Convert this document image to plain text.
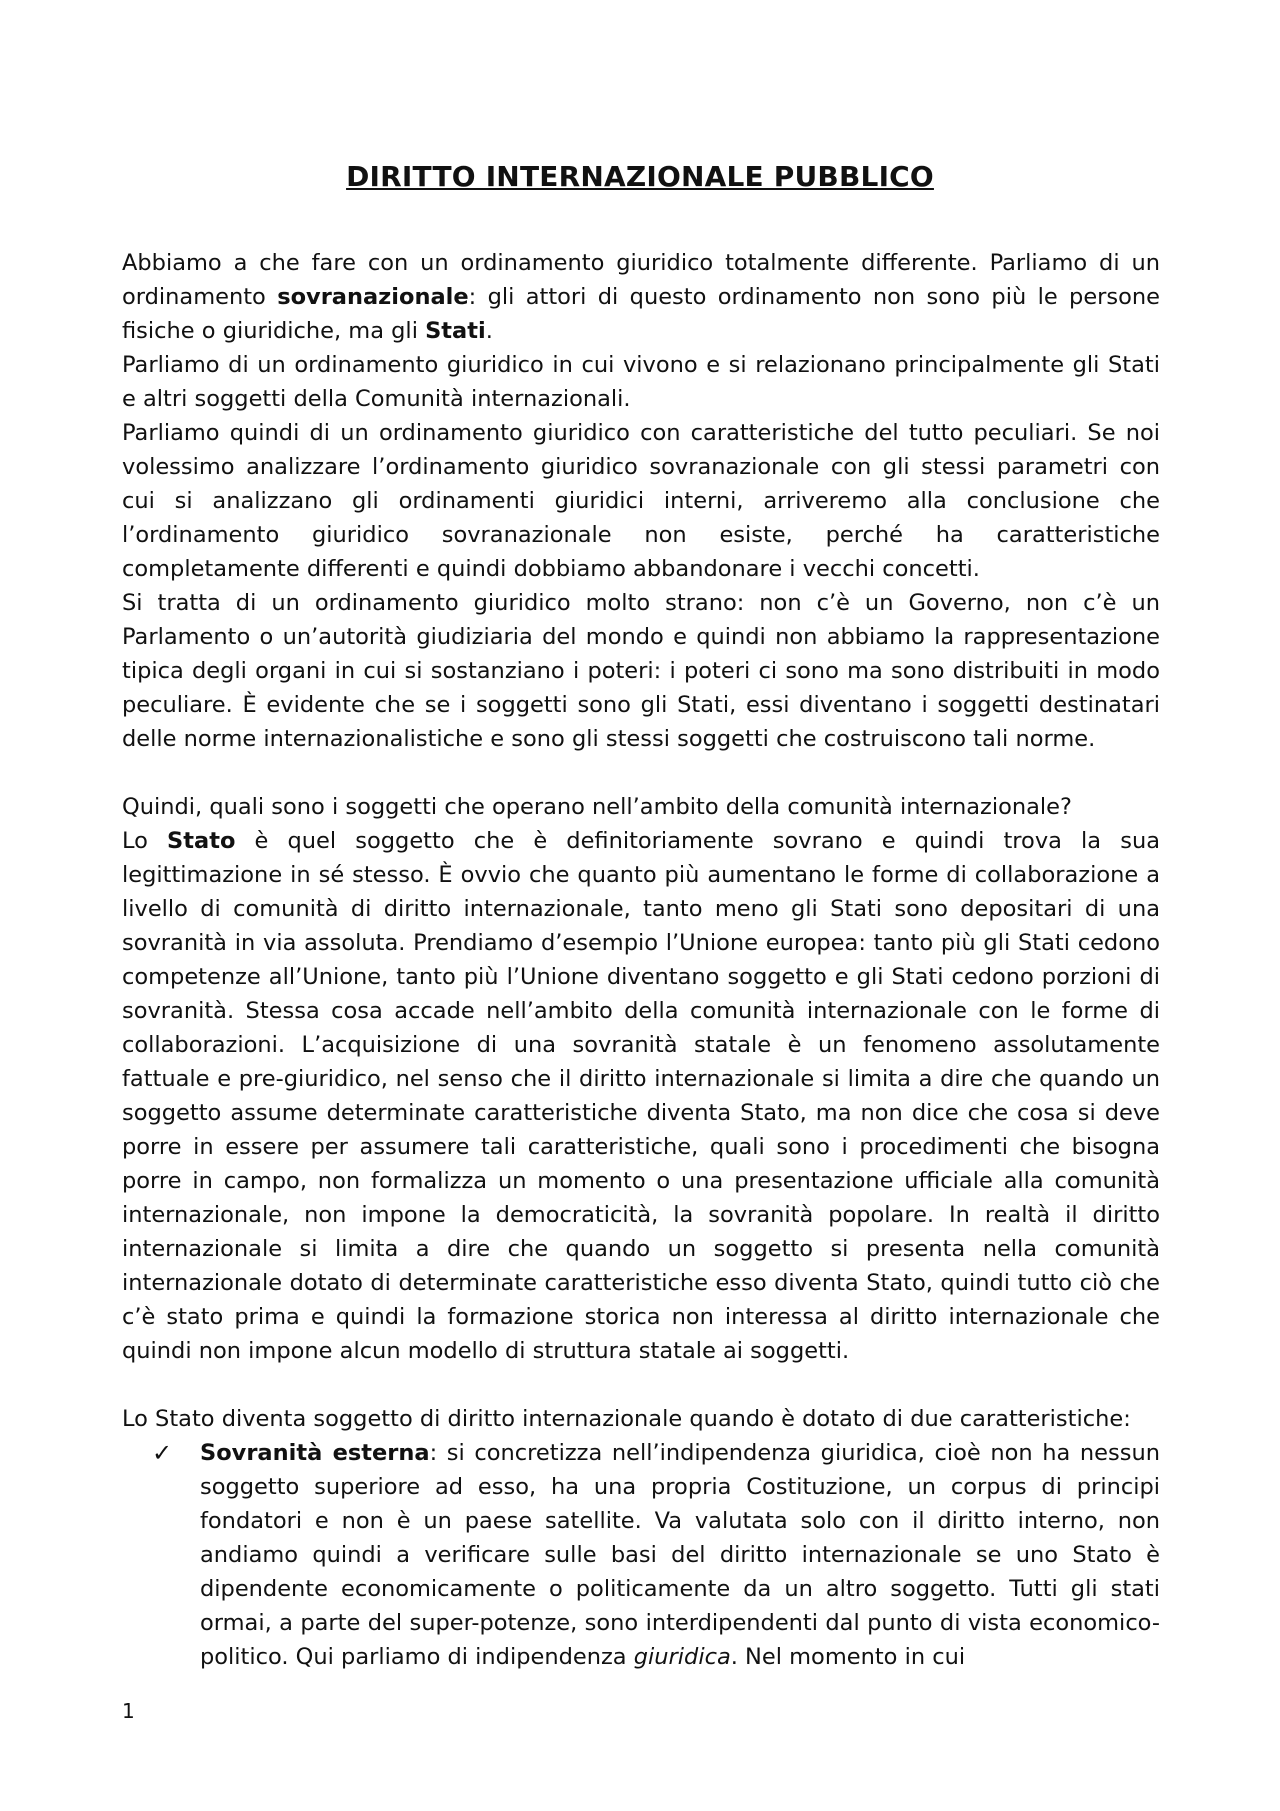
DIRITTO INTERNAZIONALE PUBBLICO

Abbiamo a che fare con un ordinamento giuridico totalmente differente. Parliamo di un ordinamento sovranazionale: gli attori di questo ordinamento non sono più le persone fisiche o giuridiche, ma gli Stati.

Parliamo di un ordinamento giuridico in cui vivono e si relazionano principalmente gli Stati e altri soggetti della Comunità internazionali.

Parliamo quindi di un ordinamento giuridico con caratteristiche del tutto peculiari. Se noi volessimo analizzare l’ordinamento giuridico sovranazionale con gli stessi parametri con cui si analizzano gli ordinamenti giuridici interni, arriveremo alla conclusione che l’ordinamento giuridico sovranazionale non esiste, perché ha caratteristiche completamente differenti e quindi dobbiamo abbandonare i vecchi concetti.

Si tratta di un ordinamento giuridico molto strano: non c’è un Governo, non c’è un Parlamento o un’autorità giudiziaria del mondo e quindi non abbiamo la rappresentazione tipica degli organi in cui si sostanziano i poteri: i poteri ci sono ma sono distribuiti in modo peculiare. È evidente che se i soggetti sono gli Stati, essi diventano i soggetti destinatari delle norme internazionalistiche e sono gli stessi soggetti che costruiscono tali norme.

Quindi, quali sono i soggetti che operano nell’ambito della comunità internazionale?

Lo Stato è quel soggetto che è definitoriamente sovrano e quindi trova la sua legittimazione in sé stesso. È ovvio che quanto più aumentano le forme di collaborazione a livello di comunità di diritto internazionale, tanto meno gli Stati sono depositari di una sovranità in via assoluta. Prendiamo d’esempio l’Unione europea: tanto più gli Stati cedono competenze all’Unione, tanto più l’Unione diventano soggetto e gli Stati cedono porzioni di sovranità. Stessa cosa accade nell’ambito della comunità internazionale con le forme di collaborazioni. L’acquisizione di una sovranità statale è un fenomeno assolutamente fattuale e pre-giuridico, nel senso che il diritto internazionale si limita a dire che quando un soggetto assume determinate caratteristiche diventa Stato, ma non dice che cosa si deve porre in essere per assumere tali caratteristiche, quali sono i procedimenti che bisogna porre in campo, non formalizza un momento o una presentazione ufficiale alla comunità internazionale, non impone la democraticità, la sovranità popolare. In realtà il diritto internazionale si limita a dire che quando un soggetto si presenta nella comunità internazionale dotato di determinate caratteristiche esso diventa Stato, quindi tutto ciò che c’è stato prima e quindi la formazione storica non interessa al diritto internazionale che quindi non impone alcun modello di struttura statale ai soggetti.

Lo Stato diventa soggetto di diritto internazionale quando è dotato di due caratteristiche:

✓ Sovranità esterna: si concretizza nell’indipendenza giuridica, cioè non ha nessun soggetto superiore ad esso, ha una propria Costituzione, un corpus di principi fondatori e non è un paese satellite. Va valutata solo con il diritto interno, non andiamo quindi a verificare sulle basi del diritto internazionale se uno Stato è dipendente economicamente o politicamente da un altro soggetto. Tutti gli stati ormai, a parte del super-potenze, sono interdipendenti dal punto di vista economico-politico. Qui parliamo di indipendenza giuridica. Nel momento in cui
1
